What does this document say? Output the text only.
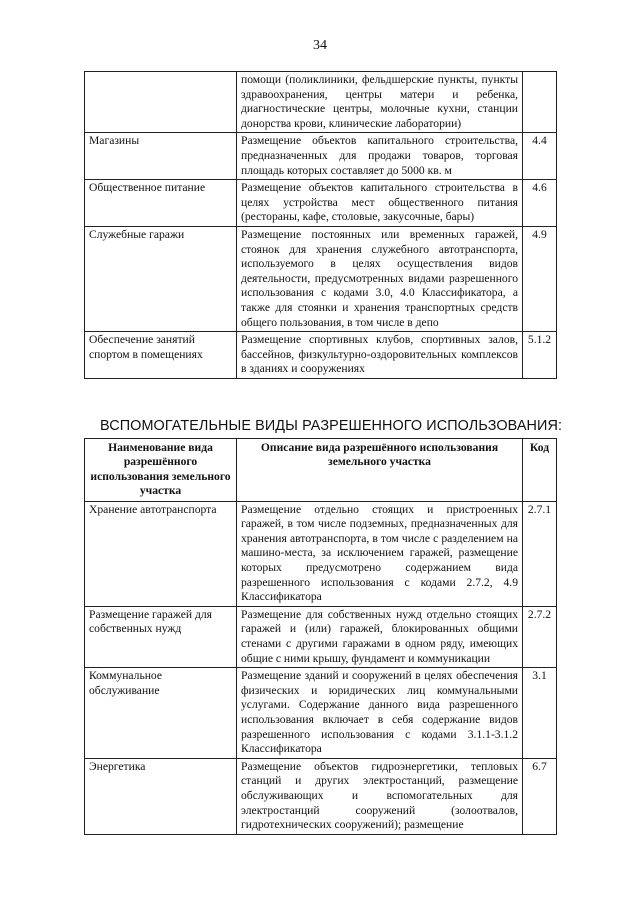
34
	помощи (поликлиники, фельдшерские пункты, пункты здравоохранения, центры матери и ребенка, диагностические центры, молочные кухни, станции донорства крови, клинические лаборатории)	
Магазины	Размещение объектов капитального строительства, предназначенных для продажи товаров, торговая площадь которых составляет до 5000 кв. м	4.4
Общественное питание	Размещение объектов капитального строительства в целях устройства мест общественного питания (рестораны, кафе, столовые, закусочные, бары)	4.6
Служебные гаражи	Размещение постоянных или временных гаражей, стоянок для хранения служебного автотранспорта, используемого в целях осуществления видов деятельности, предусмотренных видами разрешенного использования с кодами 3.0, 4.0 Классификатора, а также для стоянки и хранения транспортных средств общего пользования, в том числе в депо	4.9
Обеспечение занятий спортом в помещениях	Размещение спортивных клубов, спортивных залов, бассейнов, физкультурно-оздоровительных комплексов в зданиях и сооружениях	5.1.2
ВСПОМОГАТЕЛЬНЫЕ ВИДЫ РАЗРЕШЕННОГО ИСПОЛЬЗОВАНИЯ:
Наименование вида разрешённого использования земельного участка	Описание вида разрешённого использования земельного участка	Код
Хранение автотранспорта	Размещение отдельно стоящих и пристроенных гаражей, в том числе подземных, предназначенных для хранения автотранспорта, в том числе с разделением на машино-места, за исключением гаражей, размещение которых предусмотрено содержанием вида разрешенного использования с кодами 2.7.2, 4.9 Классификатора	2.7.1
Размещение гаражей для собственных нужд	Размещение для собственных нужд отдельно стоящих гаражей и (или) гаражей, блокированных общими стенами с другими гаражами в одном ряду, имеющих общие с ними крышу, фундамент и коммуникации	2.7.2
Коммунальное обслуживание	Размещение зданий и сооружений в целях обеспечения физических и юридических лиц коммунальными услугами. Содержание данного вида разрешенного использования включает в себя содержание видов разрешенного использования с кодами 3.1.1-3.1.2 Классификатора	3.1
Энергетика	Размещение объектов гидроэнергетики, тепловых станций и других электростанций, размещение обслуживающих и вспомогательных для электростанций сооружений (золоотвалов, гидротехнических сооружений); размещение	6.7
